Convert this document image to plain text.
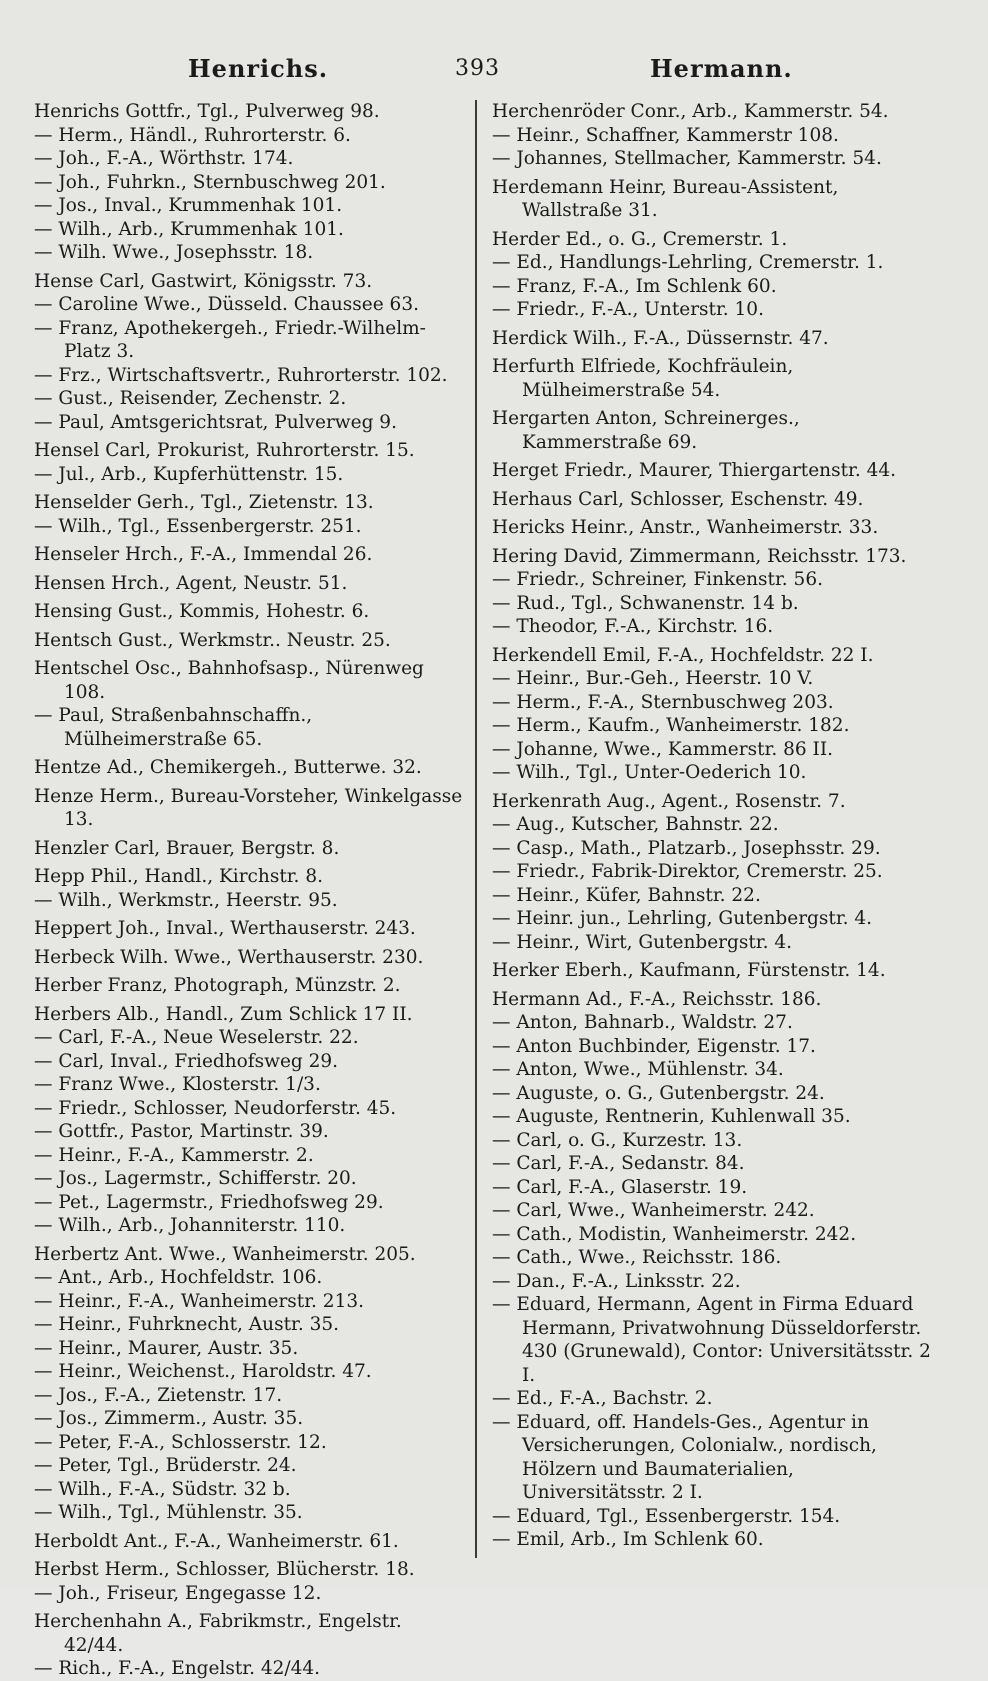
Henrichs.	393	Hermann.
Henrichs Gottfr., Tgl., Pulverweg 98.
— Herm., Händl., Ruhrorterstr. 6.
— Joh., F.-A., Wörthstr. 174.
— Joh., Fuhrkn., Sternbuschweg 201.
— Jos., Inval., Krummenhak 101.
— Wilh., Arb., Krummenhak 101.
— Wilh. Wwe., Josephsstr. 18.
Hense Carl, Gastwirt, Königsstr. 73.
— Caroline Wwe., Düsseld. Chaussee 63.
— Franz, Apothekergeh., Friedr.-Wilhelm-Platz 3.
— Frz., Wirtschaftsvertr., Ruhrorterstr. 102.
— Gust., Reisender, Zechenstr. 2.
— Paul, Amtsgerichtsrat, Pulverweg 9.
Hensel Carl, Prokurist, Ruhrorterstr. 15.
— Jul., Arb., Kupferhüttenstr. 15.
Henselder Gerh., Tgl., Zietenstr. 13.
— Wilh., Tgl., Essenbergerstr. 251.
Henseler Hrch., F.-A., Immendal 26.
Hensen Hrch., Agent, Neustr. 51.
Hensing Gust., Kommis, Hohestr. 6.
Hentsch Gust., Werkmstr.. Neustr. 25.
Hentschel Osc., Bahnhofsasp., Nürenweg 108.
— Paul, Straßenbahnschaffn., Mülheimerstraße 65.
Hentze Ad., Chemikergeh., Butterwe. 32.
Henze Herm., Bureau-Vorsteher, Winkelgasse 13.
Henzler Carl, Brauer, Bergstr. 8.
Hepp Phil., Handl., Kirchstr. 8.
— Wilh., Werkmstr., Heerstr. 95.
Heppert Joh., Inval., Werthauserstr. 243.
Herbeck Wilh. Wwe., Werthauserstr. 230.
Herber Franz, Photograph, Münzstr. 2.
Herbers Alb., Handl., Zum Schlick 17 II.
— Carl, F.-A., Neue Weselerstr. 22.
— Carl, Inval., Friedhofsweg 29.
— Franz Wwe., Klosterstr. 1/3.
— Friedr., Schlosser, Neudorferstr. 45.
— Gottfr., Pastor, Martinstr. 39.
— Heinr., F.-A., Kammerstr. 2.
— Jos., Lagermstr., Schifferstr. 20.
— Pet., Lagermstr., Friedhofsweg 29.
— Wilh., Arb., Johanniterstr. 110.
Herbertz Ant. Wwe., Wanheimerstr. 205.
— Ant., Arb., Hochfeldstr. 106.
— Heinr., F.-A., Wanheimerstr. 213.
— Heinr., Fuhrknecht, Austr. 35.
— Heinr., Maurer, Austr. 35.
— Heinr., Weichenst., Haroldstr. 47.
— Jos., F.-A., Zietenstr. 17.
— Jos., Zimmerm., Austr. 35.
— Peter, F.-A., Schlosserstr. 12.
— Peter, Tgl., Brüderstr. 24.
— Wilh., F.-A., Südstr. 32 b.
— Wilh., Tgl., Mühlenstr. 35.
Herboldt Ant., F.-A., Wanheimerstr. 61.
Herbst Herm., Schlosser, Blücherstr. 18.
— Joh., Friseur, Engegasse 12.
Herchenhahn A., Fabrikmstr., Engelstr. 42/44.
— Rich., F.-A., Engelstr. 42/44.
Herchenröder Conr., Arb., Kammerstr. 54.
— Heinr., Schaffner, Kammerstr 108.
— Johannes, Stellmacher, Kammerstr. 54.
Herdemann Heinr, Bureau-Assistent, Wallstraße 31.
Herder Ed., o. G., Cremerstr. 1.
— Ed., Handlungs-Lehrling, Cremerstr. 1.
— Franz, F.-A., Im Schlenk 60.
— Friedr., F.-A., Unterstr. 10.
Herdick Wilh., F.-A., Düssernstr. 47.
Herfurth Elfriede, Kochfräulein, Mülheimerstraße 54.
Hergarten Anton, Schreinerges., Kammerstraße 69.
Herget Friedr., Maurer, Thiergartenstr. 44.
Herhaus Carl, Schlosser, Eschenstr. 49.
Hericks Heinr., Anstr., Wanheimerstr. 33.
Hering David, Zimmermann, Reichsstr. 173.
— Friedr., Schreiner, Finkenstr. 56.
— Rud., Tgl., Schwanenstr. 14 b.
— Theodor, F.-A., Kirchstr. 16.
Herkendell Emil, F.-A., Hochfeldstr. 22 I.
— Heinr., Bur.-Geh., Heerstr. 10 V.
— Herm., F.-A., Sternbuschweg 203.
— Herm., Kaufm., Wanheimerstr. 182.
— Johanne, Wwe., Kammerstr. 86 II.
— Wilh., Tgl., Unter-Oederich 10.
Herkenrath Aug., Agent., Rosenstr. 7.
— Aug., Kutscher, Bahnstr. 22.
— Casp., Math., Platzarb., Josephsstr. 29.
— Friedr., Fabrik-Direktor, Cremerstr. 25.
— Heinr., Küfer, Bahnstr. 22.
— Heinr. jun., Lehrling, Gutenbergstr. 4.
— Heinr., Wirt, Gutenbergstr. 4.
Herker Eberh., Kaufmann, Fürstenstr. 14.
Hermann Ad., F.-A., Reichsstr. 186.
— Anton, Bahnarb., Waldstr. 27.
— Anton Buchbinder, Eigenstr. 17.
— Anton, Wwe., Mühlenstr. 34.
— Auguste, o. G., Gutenbergstr. 24.
— Auguste, Rentnerin, Kuhlenwall 35.
— Carl, o. G., Kurzestr. 13.
— Carl, F.-A., Sedanstr. 84.
— Carl, F.-A., Glaserstr. 19.
— Carl, Wwe., Wanheimerstr. 242.
— Cath., Modistin, Wanheimerstr. 242.
— Cath., Wwe., Reichsstr. 186.
— Dan., F.-A., Linksstr. 22.
— Eduard, Hermann, Agent in Firma Eduard Hermann, Privatwohnung Düsseldorferstr. 430 (Grunewald), Contor: Universitätsstr. 2 I.
— Ed., F.-A., Bachstr. 2.
— Eduard, off. Handels-Ges., Agentur in Versicherungen, Colonialw., nordisch, Hölzern und Baumaterialien, Universitätsstr. 2 I.
— Eduard, Tgl., Essenbergerstr. 154.
— Emil, Arb., Im Schlenk 60.
